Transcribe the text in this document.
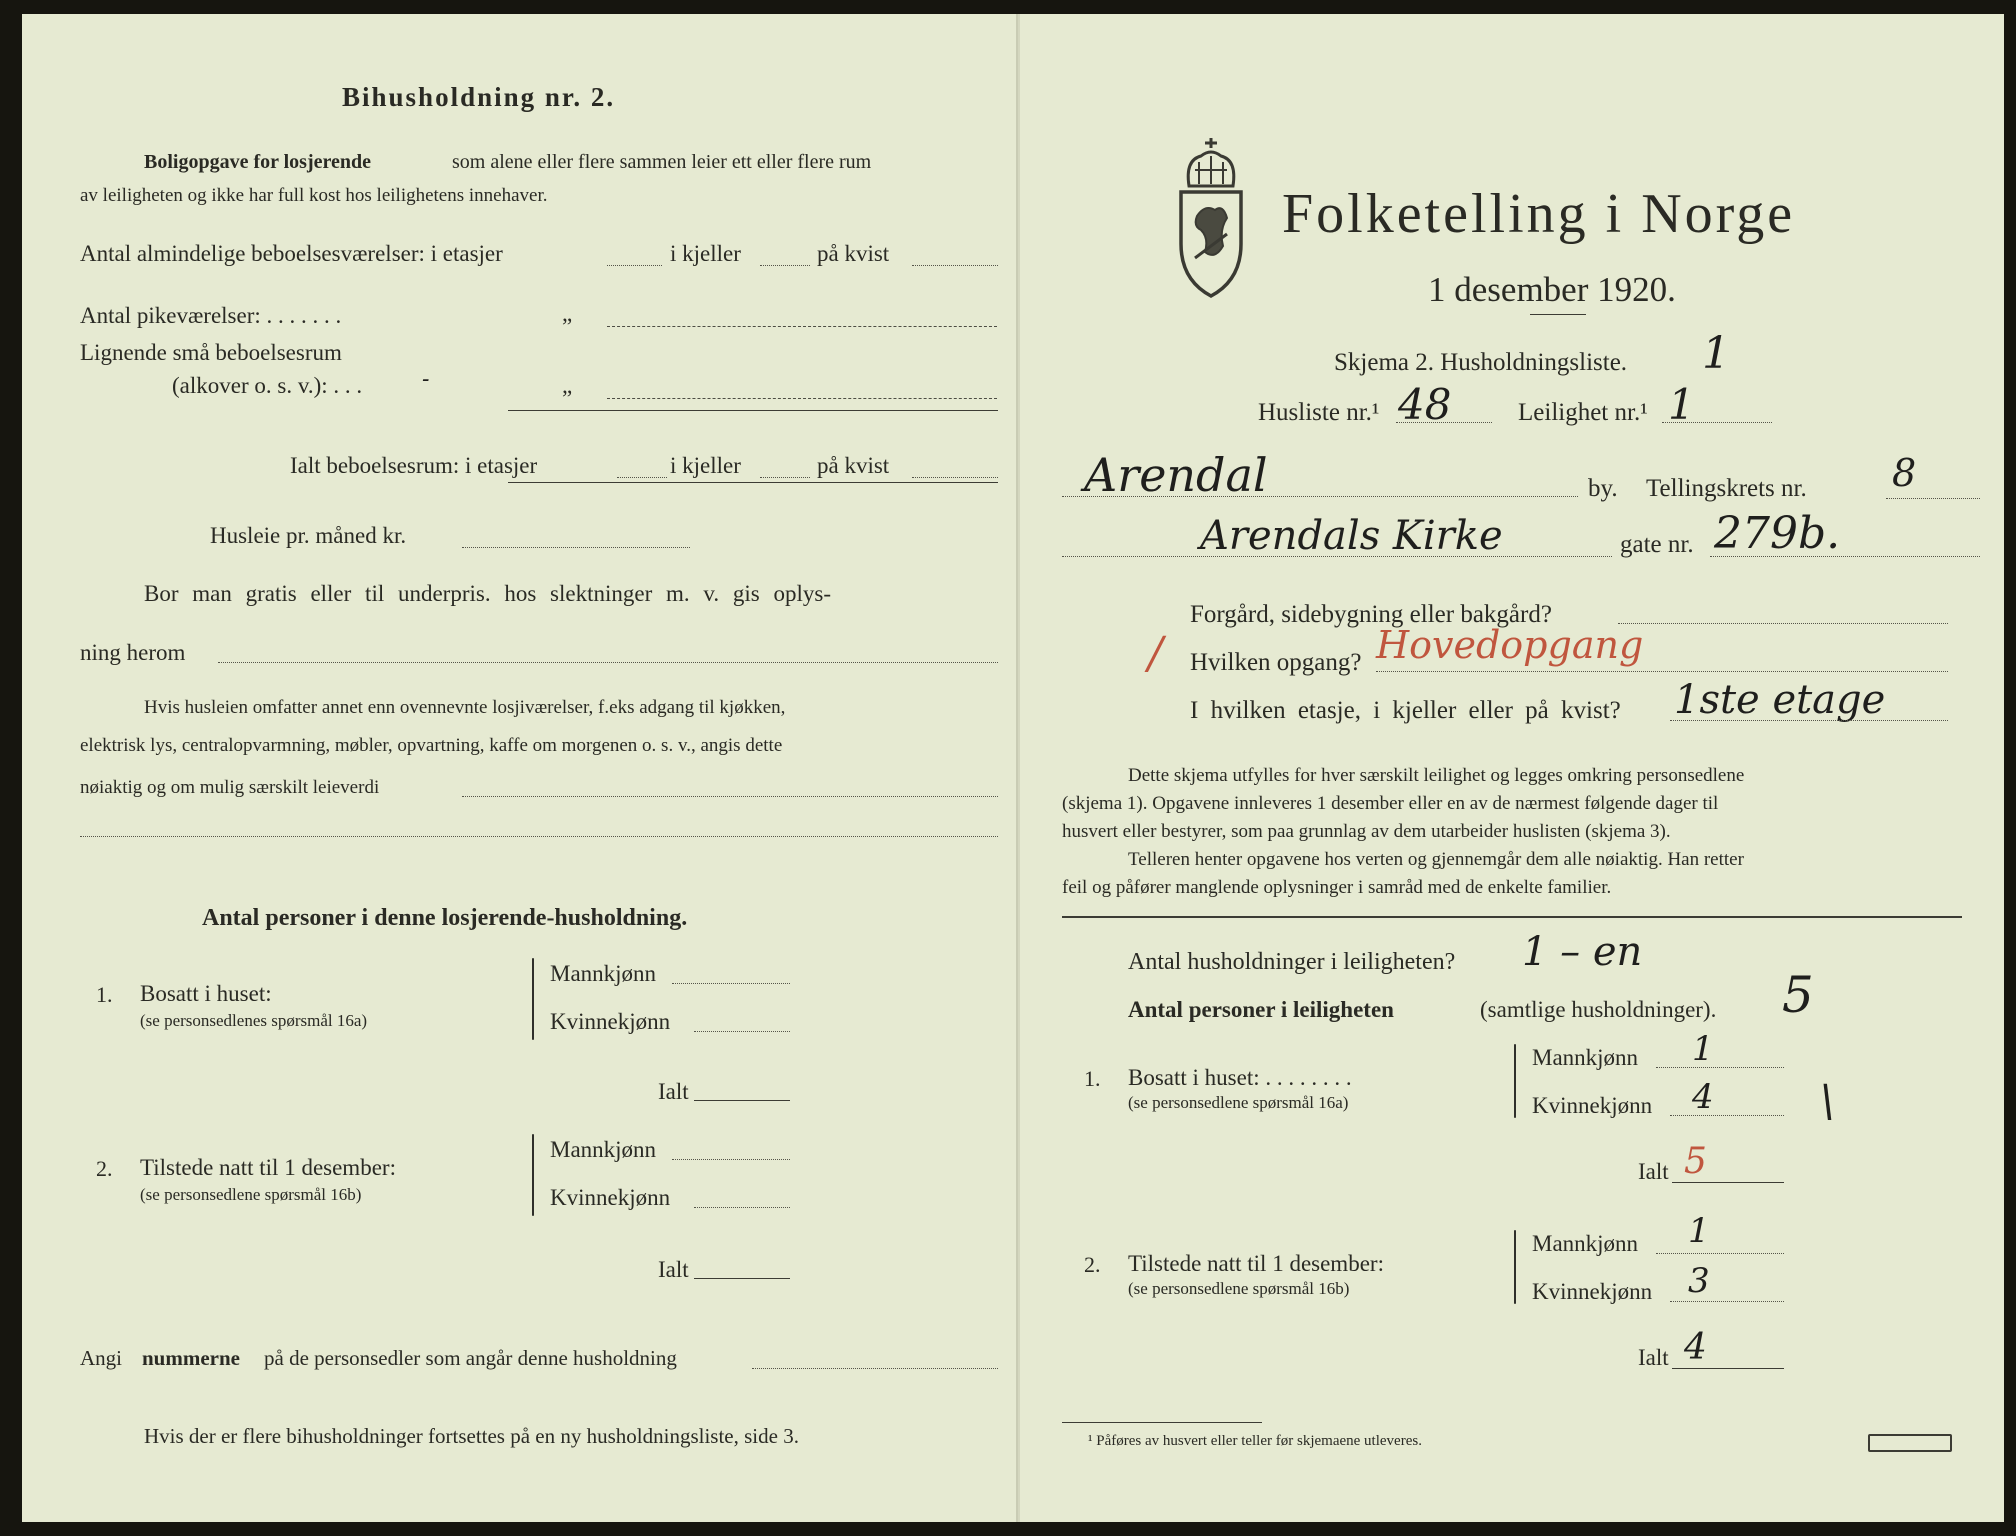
Bihusholdning nr. 2.
Boligopgave for losjerende	som alene eller flere sammen leier ett eller flere rum
av leiligheten og ikke har full kost hos leilighetens innehaver.
Antal almindelige beboelsesværelser: i etasjer	i kjeller	på kvist
Antal pikeværelser: . . . . . . .	„
Lignende små beboelsesrum
(alkover o. s. v.): . . .	-	„
Ialt beboelsesrum: i etasjer	i kjeller	på kvist
Husleie pr. måned kr.
Bor man gratis eller til underpris. hos slektninger m. v. gis oplys-
ning herom
Hvis husleien omfatter annet enn ovennevnte losjiværelser, f.eks adgang til kjøkken,
elektrisk lys, centralopvarmning, møbler, opvartning, kaffe om morgenen o. s. v., angis dette
nøiaktig og om mulig særskilt leieverdi
Antal personer i denne losjerende-husholdning.
1. Bosatt i huset:
(se personsedlenes spørsmål 16a)
Mannkjønn
Kvinnekjønn
Ialt
2. Tilstede natt til 1 desember:
(se personsedlene spørsmål 16b)
Mannkjønn
Kvinnekjønn
Ialt
Angi nummerne på de personsedler som angår denne husholdning
Hvis der er flere bihusholdninger fortsettes på en ny husholdningsliste, side 3.
Folketelling i Norge
1 desember 1920.
Skjema 2. Husholdningsliste. 1
Husliste nr.¹ 48	Leilighet nr.¹ 1
Arendal	by. Tellingskrets nr. 8
Arendals Kirke	gate nr. 279b.
Forgård, sidebygning eller bakgård?
/ Hvilken opgang? Hovedopgang
I hvilken etasje, i kjeller eller på kvist? 1ste etage
Dette skjema utfylles for hver særskilt leilighet og legges omkring personsedlene
(skjema 1). Opgavene innleveres 1 desember eller en av de nærmest følgende dager til
husvert eller bestyrer, som paa grunnlag av dem utarbeider huslisten (skjema 3).
Telleren henter opgavene hos verten og gjennemgår dem alle nøiaktig. Han retter
feil og påfører manglende oplysninger i samråd med de enkelte familier.
Antal husholdninger i leiligheten? 1 – en
Antal personer i leiligheten	(samtlige husholdninger). 5
1. Bosatt i huset: . . . . . . . .
(se personsedlene spørsmål 16a)
Mannkjønn 1
Kvinnekjønn 4 \
Ialt 5
2. Tilstede natt til 1 desember:
(se personsedlene spørsmål 16b)
Mannkjønn 1
Kvinnekjønn 3
Ialt 4
¹ Påføres av husvert eller teller før skjemaene utleveres.
